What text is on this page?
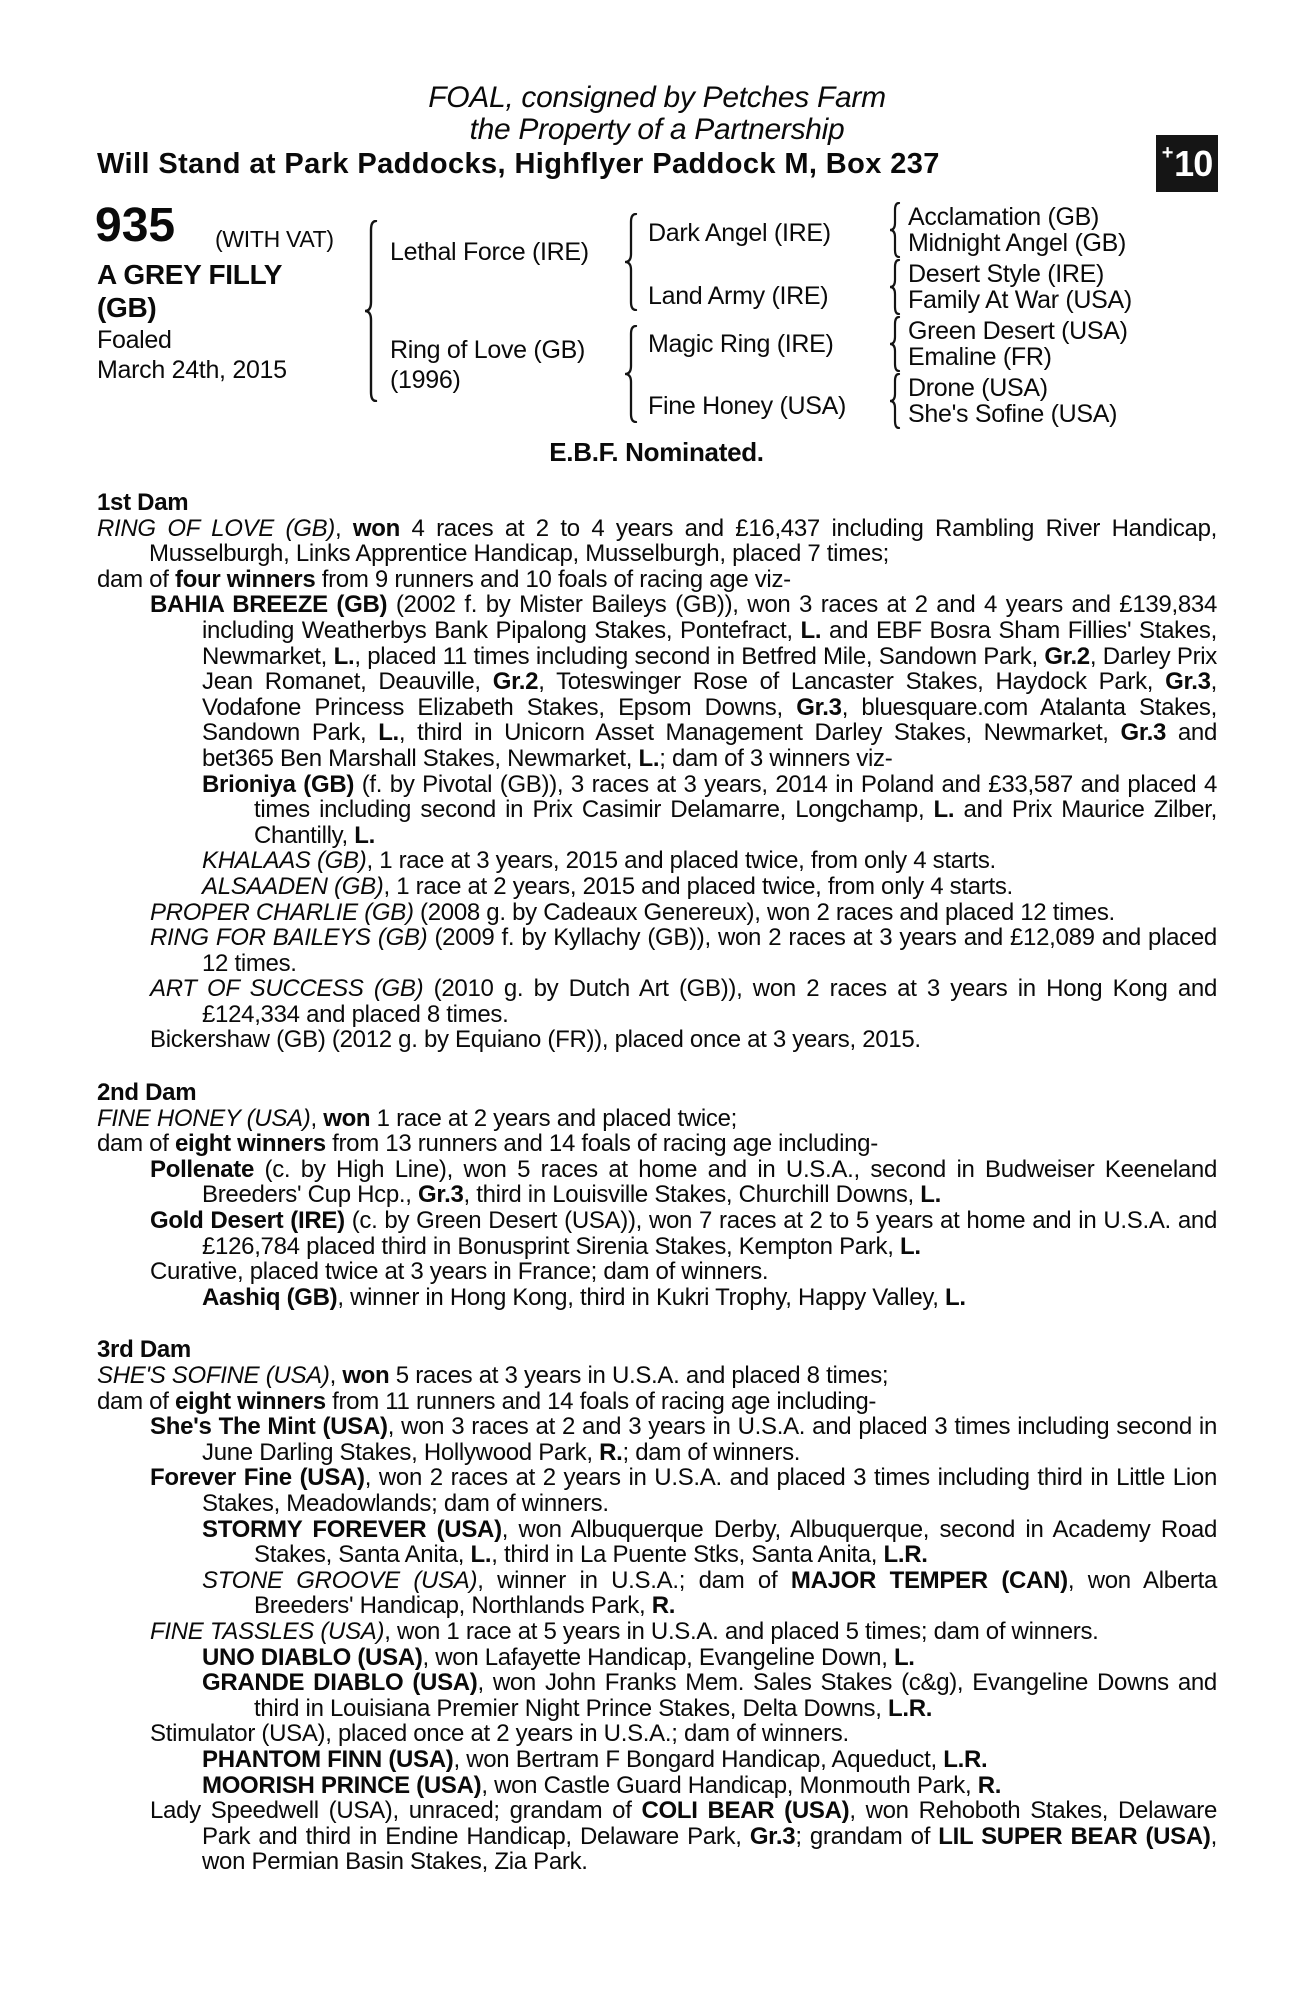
FOAL, consigned by Petches Farm
the Property of a Partnership
Will Stand at Park Paddocks, Highflyer Paddock M, Box 237	+ 10
935 (WITH VAT)
A GREY FILLY
(GB)
Foaled
March 24th, 2015
Lethal Force (IRE)
Ring of Love (GB)
(1996)
Dark Angel (IRE)
Land Army (IRE)
Magic Ring (IRE)
Fine Honey (USA)
Acclamation (GB)
Midnight Angel (GB)
Desert Style (IRE)
Family At War (USA)
Green Desert (USA)
Emaline (FR)
Drone (USA)
She's Sofine (USA)
E.B.F. Nominated.
1st Dam

RING OF LOVE (GB), won 4 races at 2 to 4 years and £16,437 including Rambling River Handicap, Musselburgh, Links Apprentice Handicap, Musselburgh, placed 7 times;

dam of four winners from 9 runners and 10 foals of racing age viz-

BAHIA BREEZE (GB) (2002 f. by Mister Baileys (GB)), won 3 races at 2 and 4 years and £139,834 including Weatherbys Bank Pipalong Stakes, Pontefract, L. and EBF Bosra Sham Fillies' Stakes, Newmarket, L., placed 11 times including second in Betfred Mile, Sandown Park, Gr.2, Darley Prix Jean Romanet, Deauville, Gr.2, Toteswinger Rose of Lancaster Stakes, Haydock Park, Gr.3, Vodafone Princess Elizabeth Stakes, Epsom Downs, Gr.3, bluesquare.com Atalanta Stakes, Sandown Park, L., third in Unicorn Asset Management Darley Stakes, Newmarket, Gr.3 and bet365 Ben Marshall Stakes, Newmarket, L.; dam of 3 winners viz-

Brioniya (GB) (f. by Pivotal (GB)), 3 races at 3 years, 2014 in Poland and £33,587 and placed 4 times including second in Prix Casimir Delamarre, Longchamp, L. and Prix Maurice Zilber, Chantilly, L.

KHALAAS (GB), 1 race at 3 years, 2015 and placed twice, from only 4 starts.

ALSAADEN (GB), 1 race at 2 years, 2015 and placed twice, from only 4 starts.

PROPER CHARLIE (GB) (2008 g. by Cadeaux Genereux), won 2 races and placed 12 times.

RING FOR BAILEYS (GB) (2009 f. by Kyllachy (GB)), won 2 races at 3 years and £12,089 and placed 12 times.

ART OF SUCCESS (GB) (2010 g. by Dutch Art (GB)), won 2 races at 3 years in Hong Kong and £124,334 and placed 8 times.

Bickershaw (GB) (2012 g. by Equiano (FR)), placed once at 3 years, 2015.

2nd Dam

FINE HONEY (USA), won 1 race at 2 years and placed twice;

dam of eight winners from 13 runners and 14 foals of racing age including-

Pollenate (c. by High Line), won 5 races at home and in U.S.A., second in Budweiser Keeneland Breeders' Cup Hcp., Gr.3, third in Louisville Stakes, Churchill Downs, L.

Gold Desert (IRE) (c. by Green Desert (USA)), won 7 races at 2 to 5 years at home and in U.S.A. and £126,784 placed third in Bonusprint Sirenia Stakes, Kempton Park, L.

Curative, placed twice at 3 years in France; dam of winners.

Aashiq (GB), winner in Hong Kong, third in Kukri Trophy, Happy Valley, L.

3rd Dam

SHE'S SOFINE (USA), won 5 races at 3 years in U.S.A. and placed 8 times;

dam of eight winners from 11 runners and 14 foals of racing age including-

She's The Mint (USA), won 3 races at 2 and 3 years in U.S.A. and placed 3 times including second in June Darling Stakes, Hollywood Park, R.; dam of winners.

Forever Fine (USA), won 2 races at 2 years in U.S.A. and placed 3 times including third in Little Lion Stakes, Meadowlands; dam of winners.

STORMY FOREVER (USA), won Albuquerque Derby, Albuquerque, second in Academy Road Stakes, Santa Anita, L., third in La Puente Stks, Santa Anita, L.R.

STONE GROOVE (USA), winner in U.S.A.; dam of MAJOR TEMPER (CAN), won Alberta Breeders' Handicap, Northlands Park, R.

FINE TASSLES (USA), won 1 race at 5 years in U.S.A. and placed 5 times; dam of winners.

UNO DIABLO (USA), won Lafayette Handicap, Evangeline Down, L.

GRANDE DIABLO (USA), won John Franks Mem. Sales Stakes (c&g), Evangeline Downs and third in Louisiana Premier Night Prince Stakes, Delta Downs, L.R.

Stimulator (USA), placed once at 2 years in U.S.A.; dam of winners.

PHANTOM FINN (USA), won Bertram F Bongard Handicap, Aqueduct, L.R.

MOORISH PRINCE (USA), won Castle Guard Handicap, Monmouth Park, R.

Lady Speedwell (USA), unraced; grandam of COLI BEAR (USA), won Rehoboth Stakes, Delaware Park and third in Endine Handicap, Delaware Park, Gr.3; grandam of LIL SUPER BEAR (USA), won Permian Basin Stakes, Zia Park.
